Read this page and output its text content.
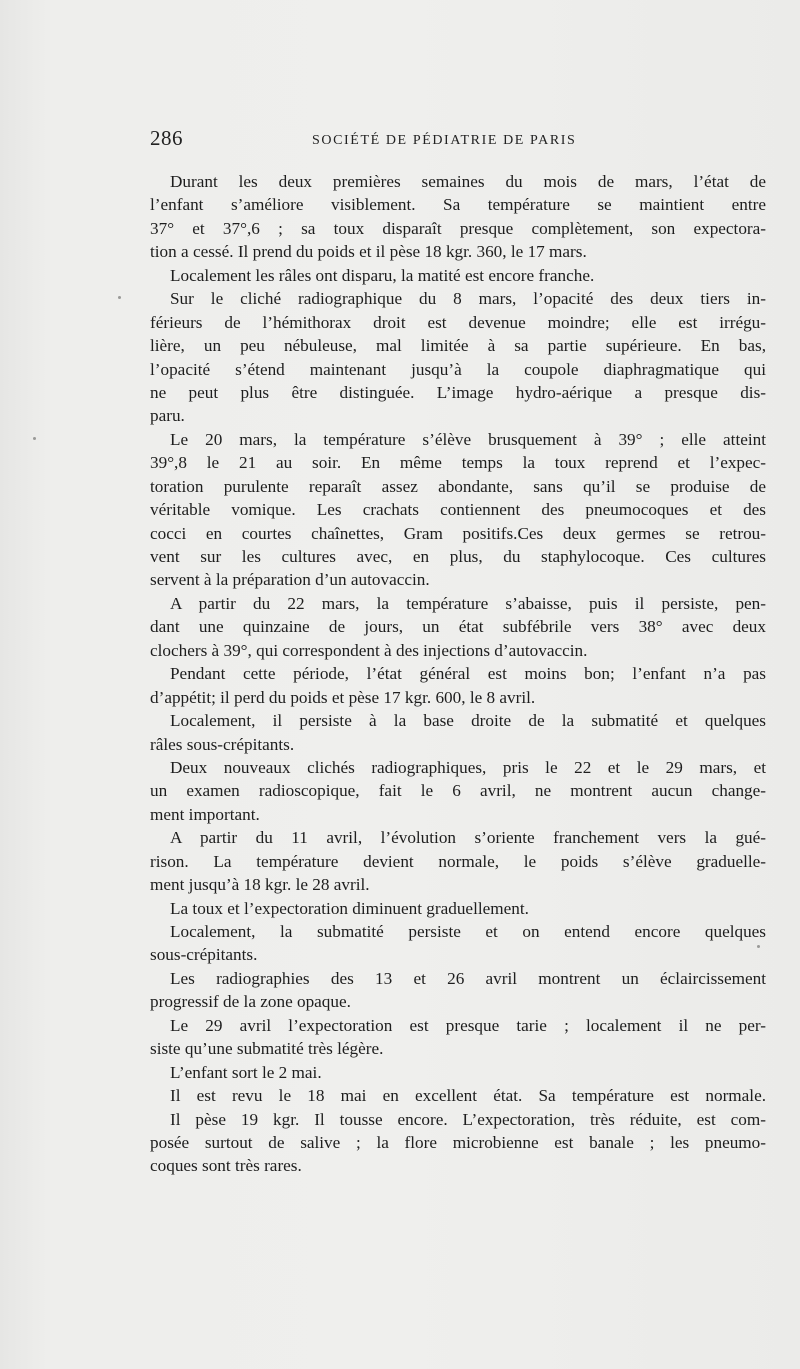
286	SOCIÉTÉ DE PÉDIATRIE DE PARIS
Durant les deux premières semaines du mois de mars, l’état de
l’enfant s’améliore visiblement. Sa température se maintient entre
37° et 37°,6 ; sa toux disparaît presque complètement, son expectora-
tion a cessé. Il prend du poids et il pèse 18 kgr. 360, le 17 mars.
Localement les râles ont disparu, la matité est encore franche.
Sur le cliché radiographique du 8 mars, l’opacité des deux tiers in-
férieurs de l’hémithorax droit est devenue moindre; elle est irrégu-
lière, un peu nébuleuse, mal limitée à sa partie supérieure. En bas,
l’opacité s’étend maintenant jusqu’à la coupole diaphragmatique qui
ne peut plus être distinguée. L’image hydro-aérique a presque dis-
paru.
Le 20 mars, la température s’élève brusquement à 39° ; elle atteint
39°,8 le 21 au soir. En même temps la toux reprend et l’expec-
toration purulente reparaît assez abondante, sans qu’il se produise de
véritable vomique. Les crachats contiennent des pneumocoques et des
cocci en courtes chaînettes, Gram positifs.Ces deux germes se retrou-
vent sur les cultures avec, en plus, du staphylocoque. Ces cultures
servent à la préparation d’un autovaccin.
A partir du 22 mars, la température s’abaisse, puis il persiste, pen-
dant une quinzaine de jours, un état subfébrile vers 38° avec deux
clochers à 39°, qui correspondent à des injections d’autovaccin.
Pendant cette période, l’état général est moins bon; l’enfant n’a pas
d’appétit; il perd du poids et pèse 17 kgr. 600, le 8 avril.
Localement, il persiste à la base droite de la submatité et quelques
râles sous-crépitants.
Deux nouveaux clichés radiographiques, pris le 22 et le 29 mars, et
un examen radioscopique, fait le 6 avril, ne montrent aucun change-
ment important.
A partir du 11 avril, l’évolution s’oriente franchement vers la gué-
rison. La température devient normale, le poids s’élève graduelle-
ment jusqu’à 18 kgr. le 28 avril.
La toux et l’expectoration diminuent graduellement.
Localement, la submatité persiste et on entend encore quelques
sous-crépitants.
Les radiographies des 13 et 26 avril montrent un éclaircissement
progressif de la zone opaque.
Le 29 avril l’expectoration est presque tarie ; localement il ne per-
siste qu’une submatité très légère.
L’enfant sort le 2 mai.
Il est revu le 18 mai en excellent état. Sa température est normale.
Il pèse 19 kgr. Il tousse encore. L’expectoration, très réduite, est com-
posée surtout de salive ; la flore microbienne est banale ; les pneumo-
coques sont très rares.
